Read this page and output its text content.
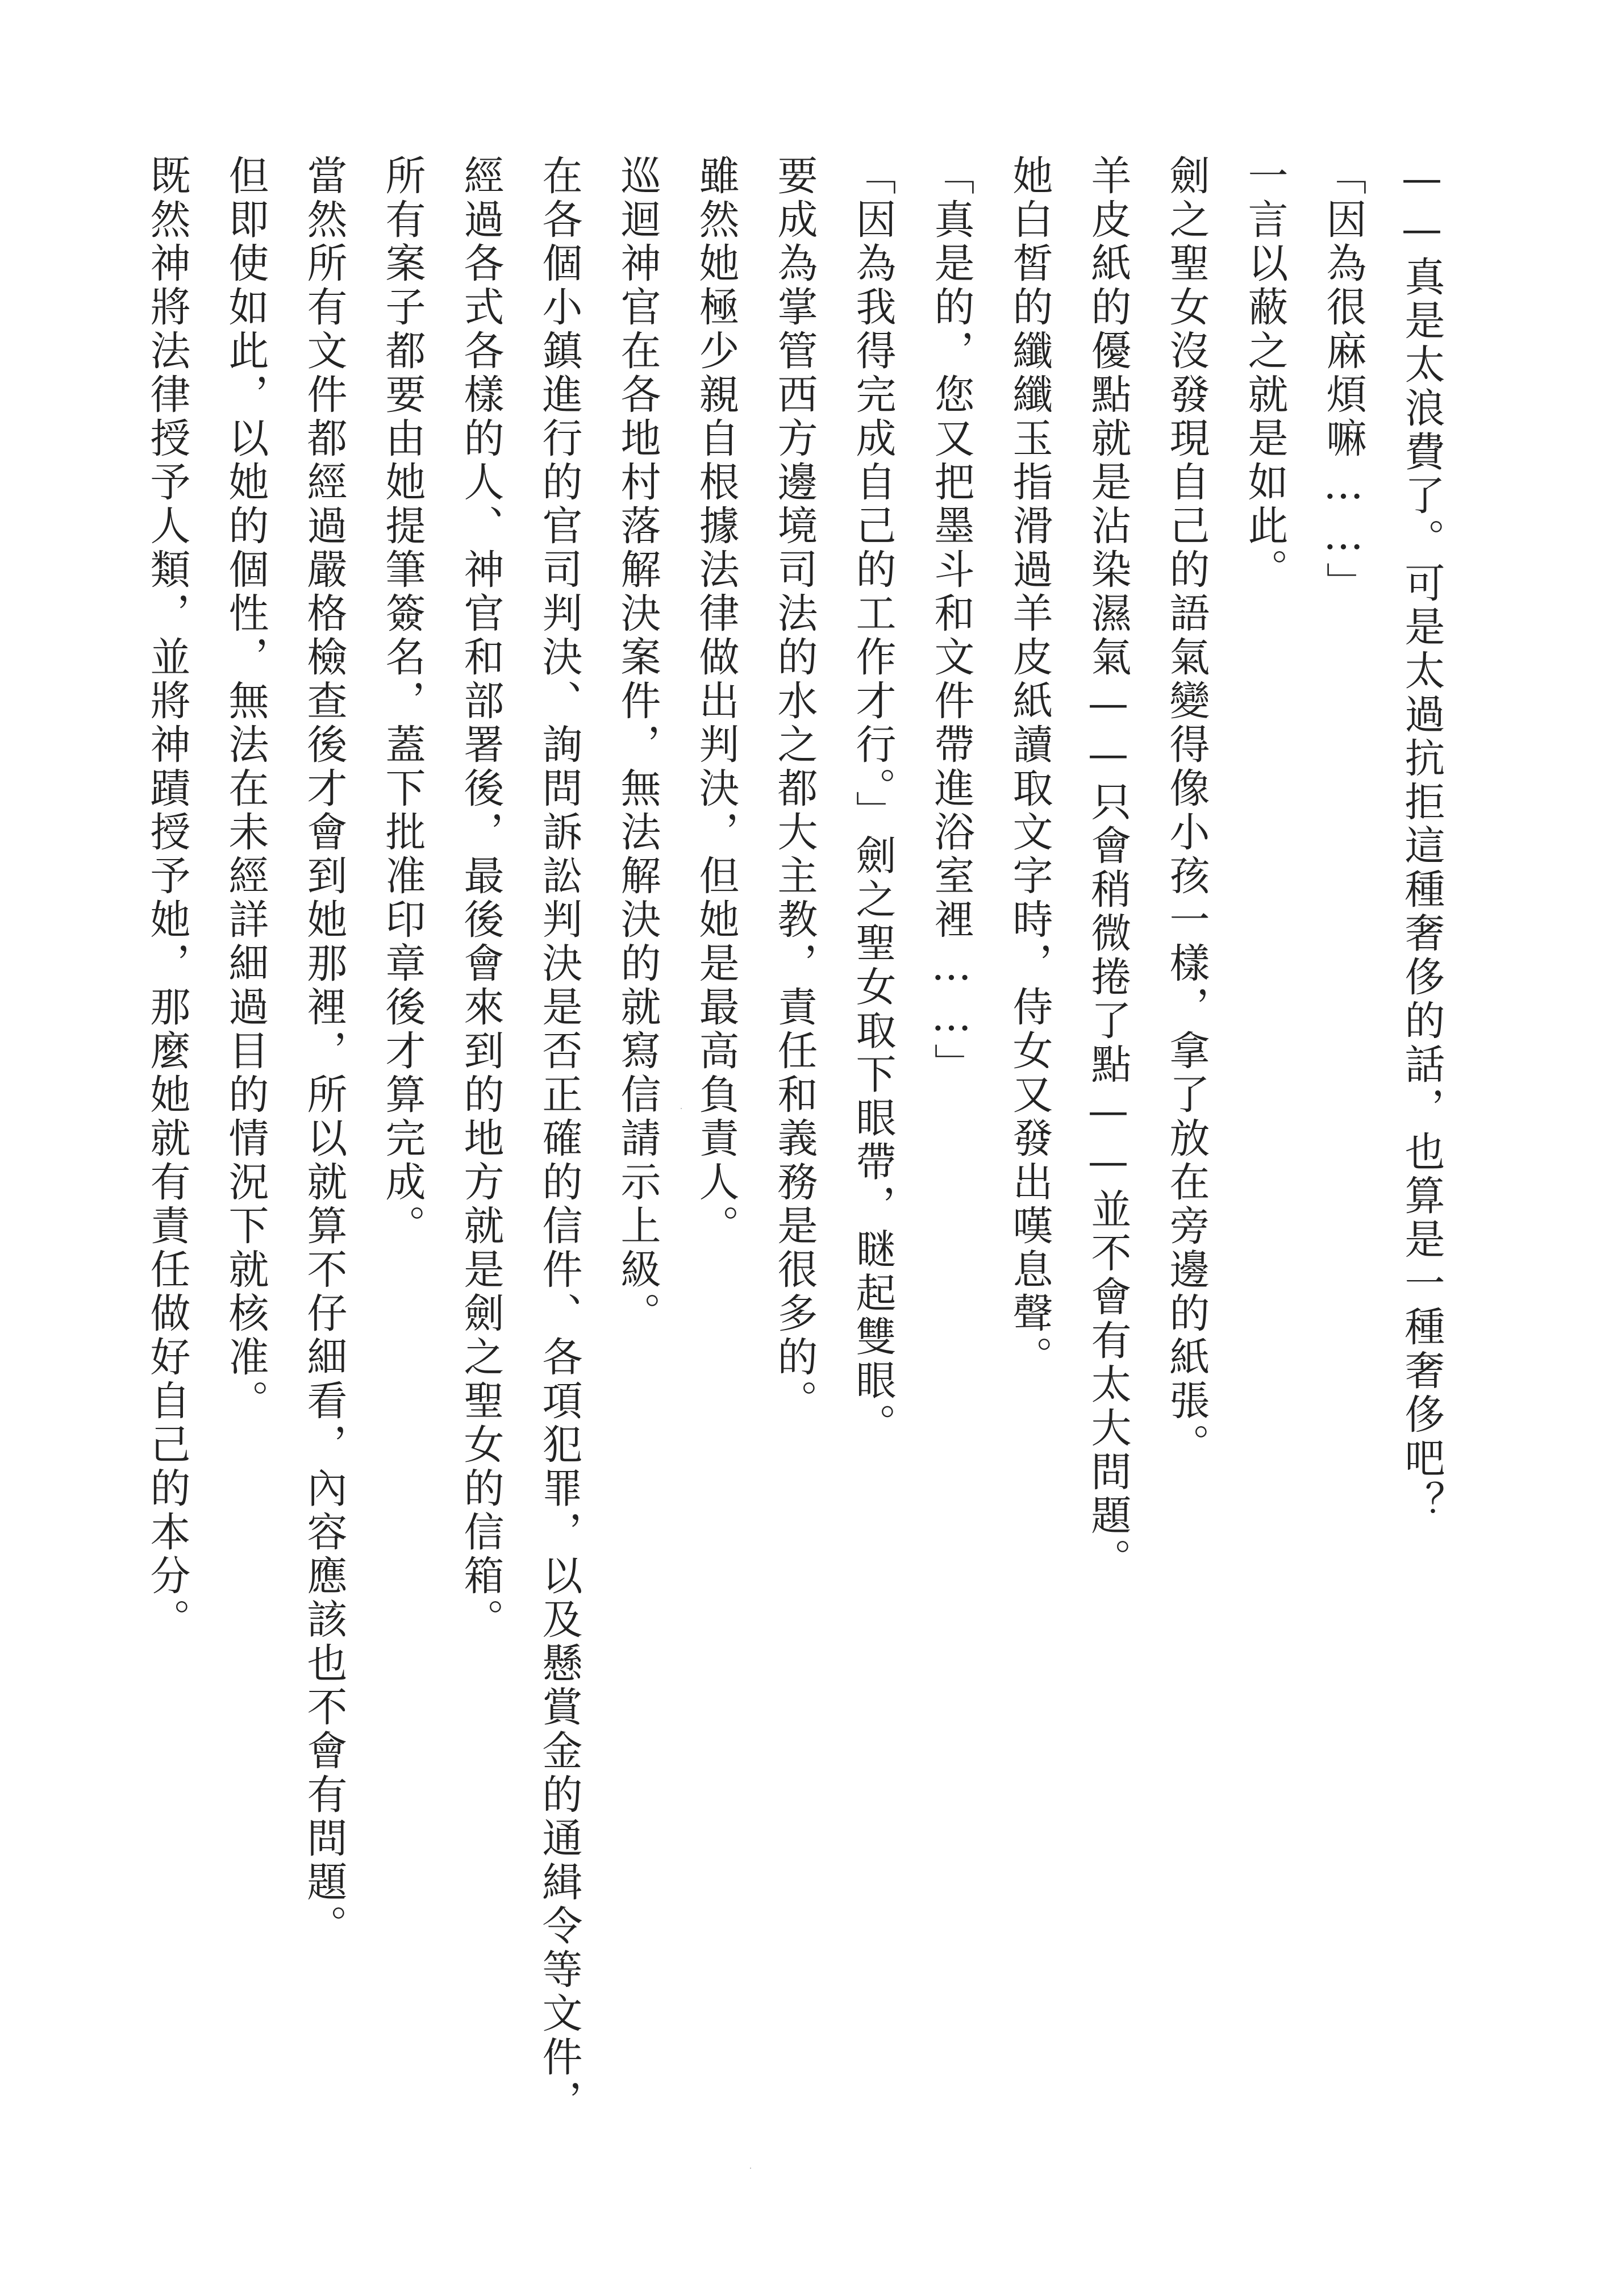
——真是太浪費了。可是太過抗拒這種奢侈的話，也算是一種奢侈吧？

「因為很麻煩嘛……」

一言以蔽之就是如此。

劍之聖女沒發現自己的語氣變得像小孩一樣，拿了放在旁邊的紙張。

羊皮紙的優點就是沾染濕氣——只會稍微捲了點——並不會有太大問題。

她白皙的纖纖玉指滑過羊皮紙讀取文字時，侍女又發出嘆息聲。

「真是的，您又把墨斗和文件帶進浴室裡……」

「因為我得完成自己的工作才行。」劍之聖女取下眼帶，瞇起雙眼。

要成為掌管西方邊境司法的水之都大主教，責任和義務是很多的。

雖然她極少親自根據法律做出判決，但她是最高負責人。

巡迴神官在各地村落解決案件，無法解決的就寫信請示上級。

在各個小鎮進行的官司判決、詢問訴訟判決是否正確的信件、各項犯罪，以及懸賞金的通緝令等文件，

經過各式各樣的人、神官和部署後，最後會來到的地方就是劍之聖女的信箱。

所有案子都要由她提筆簽名，蓋下批准印章後才算完成。

當然所有文件都經過嚴格檢查後才會到她那裡，所以就算不仔細看，內容應該也不會有問題。

但即使如此，以她的個性，無法在未經詳細過目的情況下就核准。

既然神將法律授予人類，並將神蹟授予她，那麼她就有責任做好自己的本分。
